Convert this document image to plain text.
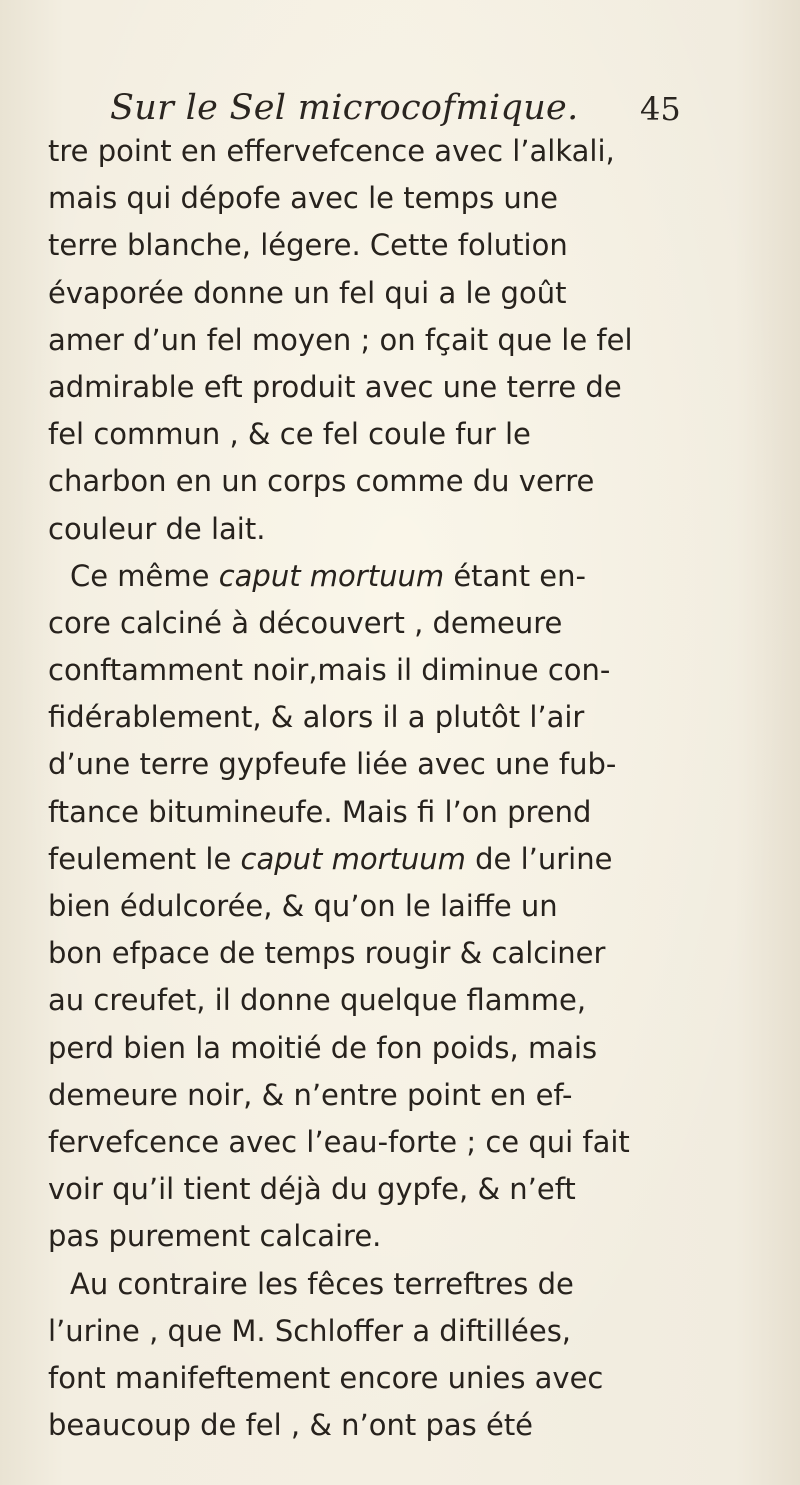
Sur le Sel microcofmique. 45
tre point en effervefcence avec l’alkali,
mais qui dépofe avec le temps une
terre blanche, légere. Cette folution
évaporée donne un fel qui a le goût
amer d’un fel moyen ; on fçait que le fel
admirable eft produit avec une terre de
fel commun , & ce fel coule fur le
charbon en un corps comme du verre
couleur de lait.
Ce même caput mortuum étant en-
core calciné à découvert , demeure
conftamment noir,mais il diminue con-
fidérablement, & alors il a plutôt l’air
d’une terre gypfeufe liée avec une fub-
ftance bitumineufe. Mais fi l’on prend
feulement le caput mortuum de l’urine
bien édulcorée, & qu’on le laiffe un
bon efpace de temps rougir & calciner
au creufet, il donne quelque flamme,
perd bien la moitié de fon poids, mais
demeure noir, & n’entre point en ef-
fervefcence avec l’eau-forte ; ce qui fait
voir qu’il tient déjà du gypfe, & n’eft
pas purement calcaire.
Au contraire les fêces terreftres de
l’urine , que M. Schloffer a diftillées,
font manifeftement encore unies avec
beaucoup de fel , & n’ont pas été
